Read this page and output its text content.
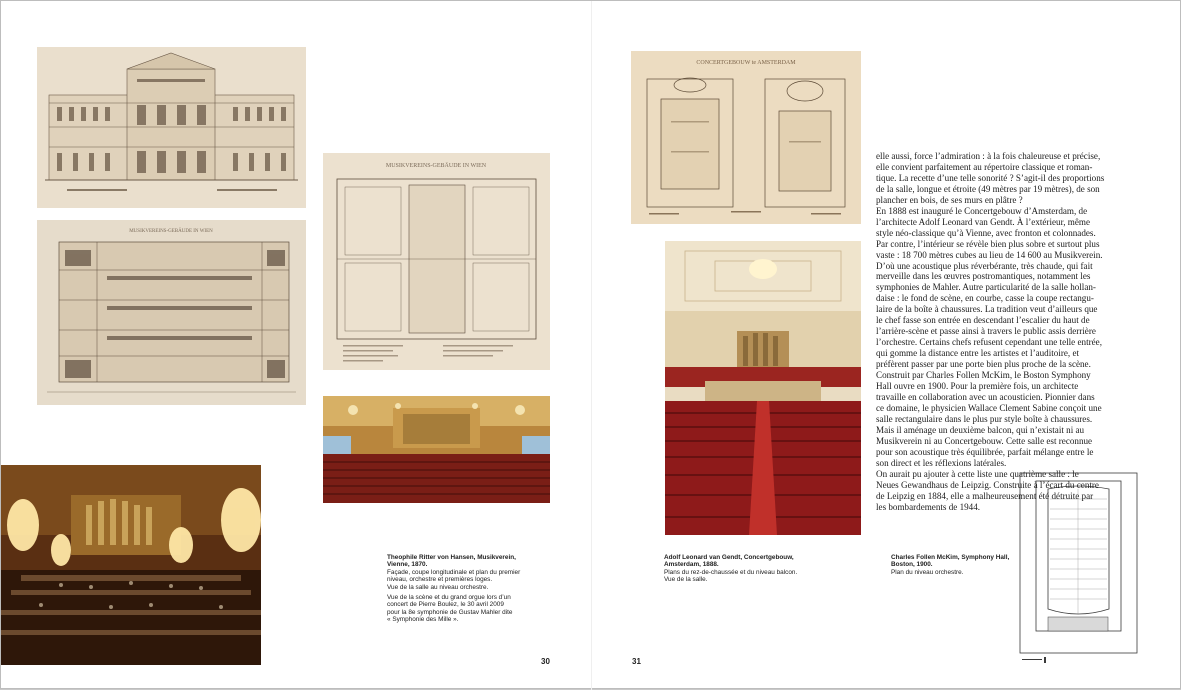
MUSIKVEREINS-GEBÄUDE IN WIEN
MUSIKVEREINS-GEBÄUDE IN WIEN
CONCERTGEBOUW te AMSTERDAM
Theophile Ritter von Hansen, Musikverein,
Vienne, 1870.
Façade, coupe longitudinale et plan du premier
niveau, orchestre et premières loges.
Vue de la salle au niveau orchestre.
Vue de la scène et du grand orgue lors d’un
concert de Pierre Boulez, le 30 avril 2009
pour la 8e symphonie de Gustav Mahler dite
« Symphonie des Mille ».
Adolf Leonard van Gendt, Concertgebouw,
Amsterdam, 1888.
Plans du rez-de-chaussée et du niveau balcon.
Vue de la salle.
Charles Follen McKim, Symphony Hall,
Boston, 1900.
Plan du niveau orchestre.
elle aussi, force l’admiration : à la fois chaleureuse et précise,
elle convient parfaitement au répertoire classique et roman-
tique. La recette d’une telle sonorité ? S’agit-il des proportions
de la salle, longue et étroite (49 mètres par 19 mètres), de son
plancher en bois, de ses murs en plâtre ?
En 1888 est inauguré le Concertgebouw d’Amsterdam, de
l’architecte Adolf Leonard van Gendt. À l’extérieur, même
style néo-classique qu’à Vienne, avec fronton et colonnades.
Par contre, l’intérieur se révèle bien plus sobre et surtout plus
vaste : 18 700 mètres cubes au lieu de 14 600 au Musikverein.
D’où une acoustique plus réverbérante, très chaude, qui fait
merveille dans les œuvres postromantiques, notamment les
symphonies de Mahler. Autre particularité de la salle hollan-
daise : le fond de scène, en courbe, casse la coupe rectangu-
laire de la boîte à chaussures. La tradition veut d’ailleurs que
le chef fasse son entrée en descendant l’escalier du haut de
l’arrière-scène et passe ainsi à travers le public assis derrière
l’orchestre. Certains chefs refusent cependant une telle entrée,
qui gomme la distance entre les artistes et l’auditoire, et
préfèrent passer par une porte bien plus proche de la scène.
Construit par Charles Follen McKim, le Boston Symphony
Hall ouvre en 1900. Pour la première fois, un architecte
travaille en collaboration avec un acousticien. Pionnier dans
ce domaine, le physicien Wallace Clement Sabine conçoit une
salle rectangulaire dans le plus pur style boîte à chaussures.
Mais il aménage un deuxième balcon, qui n’existait ni au
Musikverein ni au Concertgebouw. Cette salle est reconnue
pour son acoustique très équilibrée, parfait mélange entre le
son direct et les réflexions latérales.
On aurait pu ajouter à cette liste une quatrième salle : le
Neues Gewandhaus de Leipzig. Construite à l’écart du centre
de Leipzig en 1884, elle a malheureusement été détruite par
les bombardements de 1944.
30	31
